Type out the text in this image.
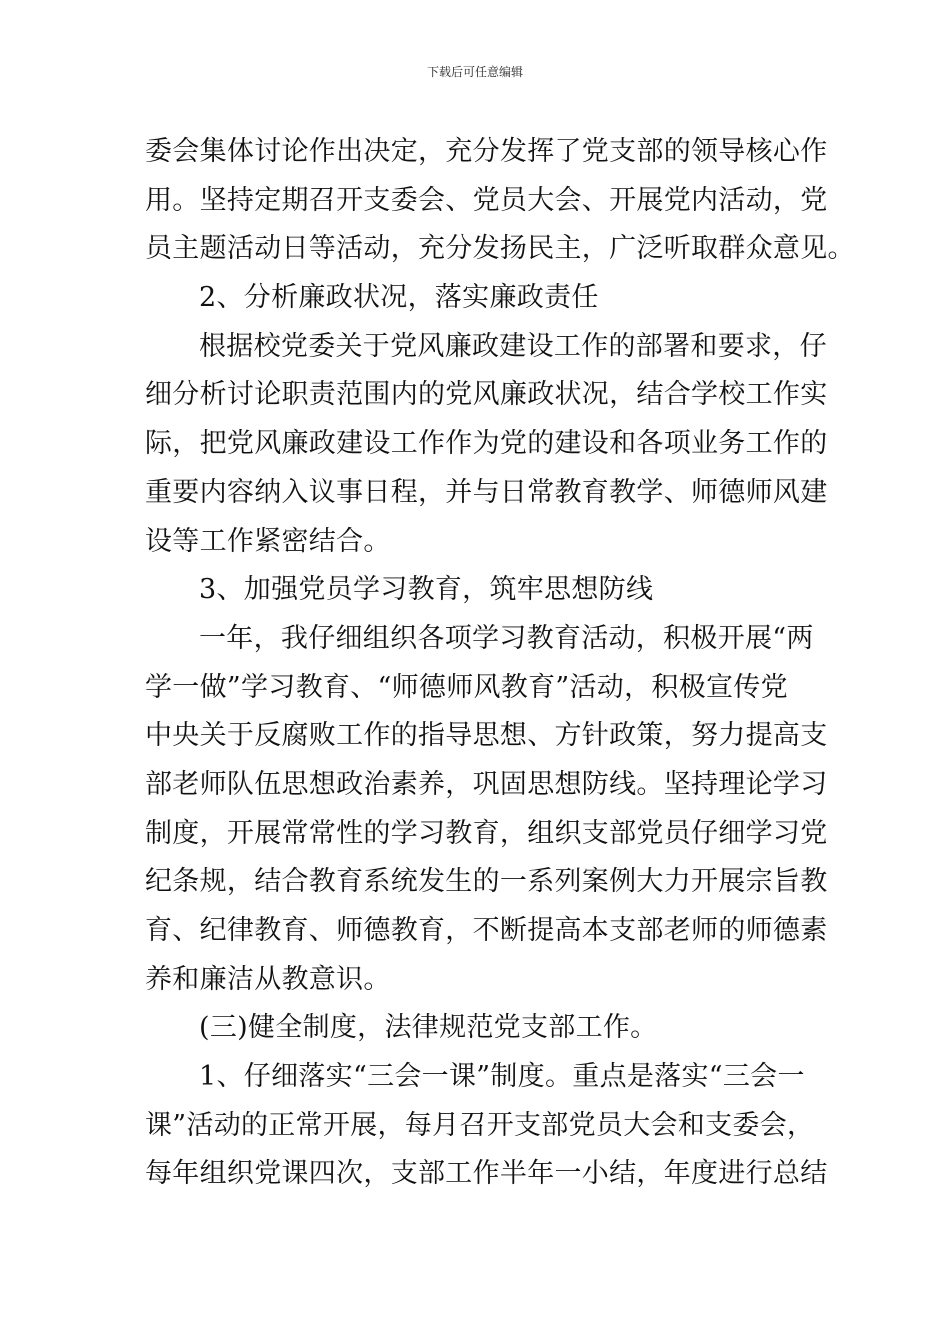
下载后可任意编辑
委会集体讨论作出决定，充分发挥了党支部的领导核心作
用。坚持定期召开支委会、党员大会、开展党内活动，党
员主题活动日等活动，充分发扬民主，广泛听取群众意见。
2、分析廉政状况，落实廉政责任
根据校党委关于党风廉政建设工作的部署和要求，仔
细分析讨论职责范围内的党风廉政状况，结合学校工作实
际，把党风廉政建设工作作为党的建设和各项业务工作的
重要内容纳入议事日程，并与日常教育教学、师德师风建
设等工作紧密结合。
3、加强党员学习教育，筑牢思想防线
一年，我仔细组织各项学习教育活动，积极开展“两
学一做”学习教育、“师德师风教育”活动，积极宣传党
中央关于反腐败工作的指导思想、方针政策，努力提高支
部老师队伍思想政治素养，巩固思想防线。坚持理论学习
制度，开展常常性的学习教育，组织支部党员仔细学习党
纪条规，结合教育系统发生的一系列案例大力开展宗旨教
育、纪律教育、师德教育，不断提高本支部老师的师德素
养和廉洁从教意识。
(三)健全制度，法律规范党支部工作。
1、仔细落实“三会一课”制度。重点是落实“三会一
课”活动的正常开展，每月召开支部党员大会和支委会，
每年组织党课四次，支部工作半年一小结，年度进行总结
